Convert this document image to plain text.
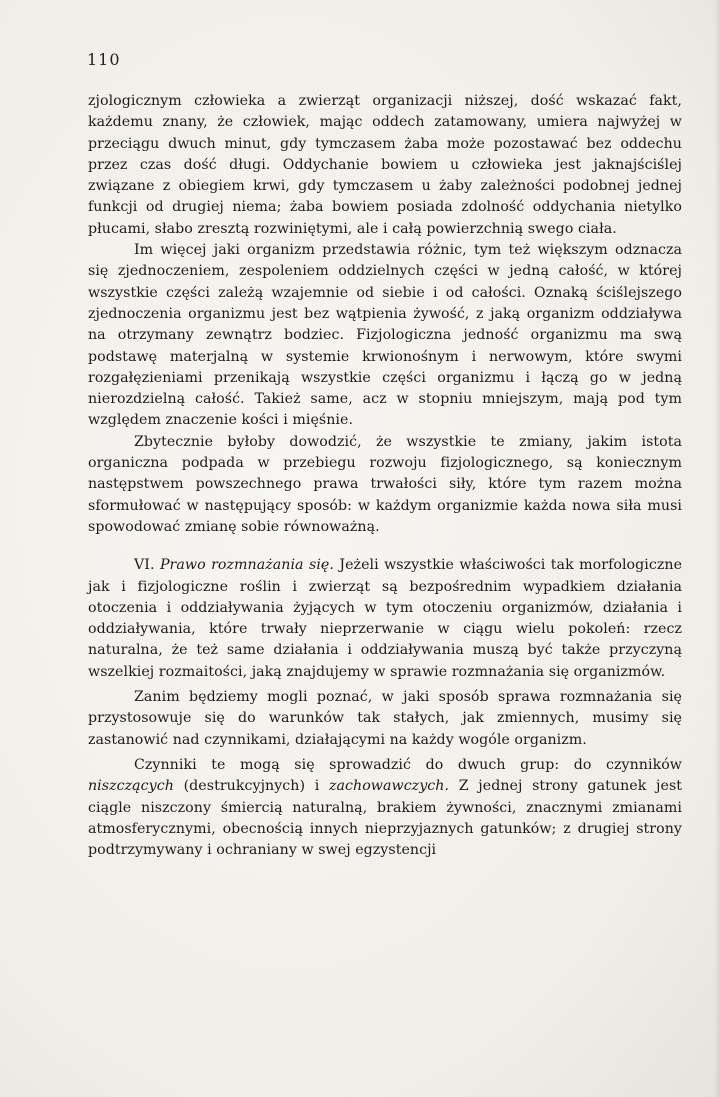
110

zjologicznym człowieka a zwierząt organizacji niższej, dość wskazać fakt, każdemu znany, że człowiek, mając oddech zatamowany, umiera najwyżej w przeciągu dwuch minut, gdy tymczasem żaba może pozostawać bez oddechu przez czas dość długi. Oddychanie bowiem u człowieka jest jaknajściślej związane z obiegiem krwi, gdy tymczasem u żaby zależności podobnej jednej funkcji od drugiej niema; żaba bowiem posiada zdolność oddychania nietylko płucami, słabo zresztą rozwiniętymi, ale i całą powierzchnią swego ciała.

Im więcej jaki organizm przedstawia różnic, tym też większym odznacza się zjednoczeniem, zespoleniem oddzielnych części w jedną całość, w której wszystkie części zależą wzajemnie od siebie i od całości. Oznaką ściślejszego zjednoczenia organizmu jest bez wątpienia żywość, z jaką organizm oddziaływa na otrzymany zewnątrz bodziec. Fizjologiczna jedność organizmu ma swą podstawę materjalną w systemie krwionośnym i nerwowym, które swymi rozgałęzieniami przenikają wszystkie części organizmu i łączą go w jedną nierozdzielną całość. Takież same, acz w stopniu mniejszym, mają pod tym względem znaczenie kości i mięśnie.

Zbytecznie byłoby dowodzić, że wszystkie te zmiany, jakim istota organiczna podpada w przebiegu rozwoju fizjologicznego, są koniecznym następstwem powszechnego prawa trwałości siły, które tym razem można sformułować w następujący sposób: w każdym organizmie każda nowa siła musi spowodować zmianę sobie równoważną.

VI. Prawo rozmnażania się. Jeżeli wszystkie właściwości tak morfologiczne jak i fizjologiczne roślin i zwierząt są bezpośrednim wypadkiem działania otoczenia i oddziaływania żyjących w tym otoczeniu organizmów, działania i oddziaływania, które trwały nieprzerwanie w ciągu wielu pokoleń: rzecz naturalna, że też same działania i oddziaływania muszą być także przyczyną wszelkiej rozmaitości, jaką znajdujemy w sprawie rozmnażania się organizmów.

Zanim będziemy mogli poznać, w jaki sposób sprawa rozmnażania się przystosowuje się do warunków tak stałych, jak zmiennych, musimy się zastanowić nad czynnikami, działającymi na każdy wogóle organizm.

Czynniki te mogą się sprowadzić do dwuch grup: do czynników niszczących (destrukcyjnych) i zachowawczych. Z jednej strony gatunek jest ciągle niszczony śmiercią naturalną, brakiem żywności, znacznymi zmianami atmosferycznymi, obecnością innych nieprzyjaznych gatunków; z drugiej strony podtrzymywany i ochraniany w swej egzystencji
